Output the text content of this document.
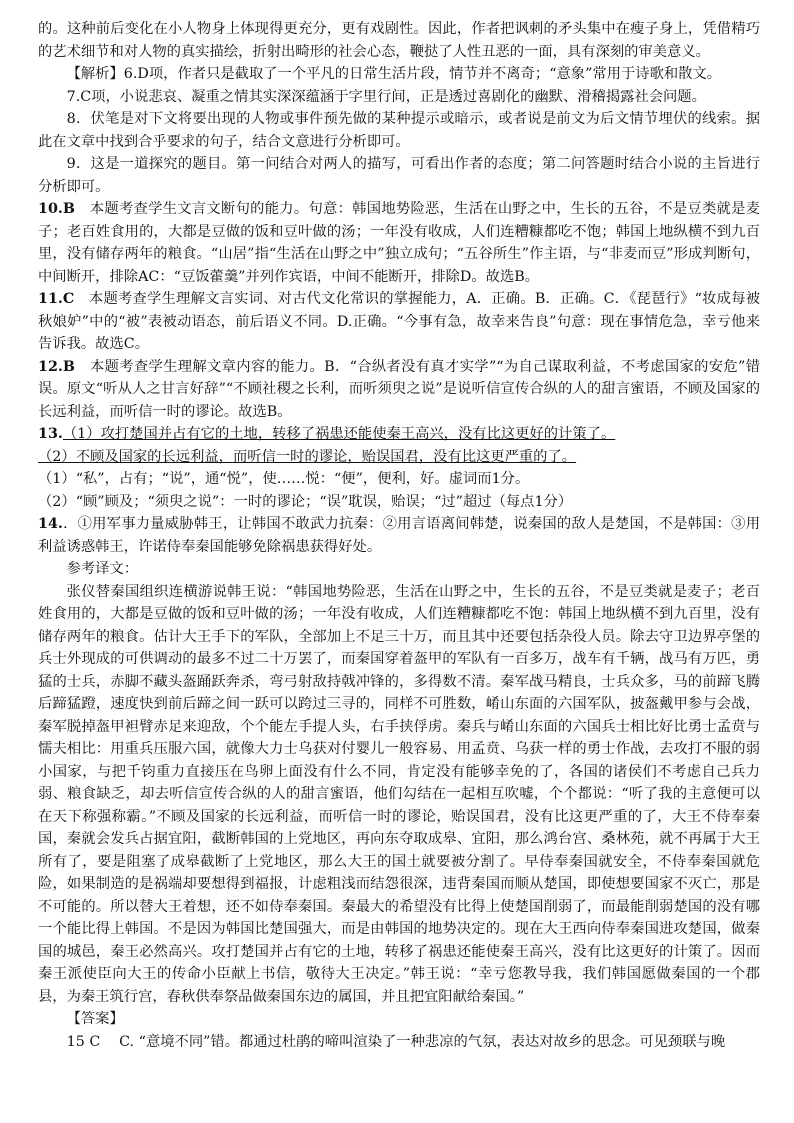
的。这种前后变化在小人物身上体现得更充分，更有戏剧性。因此，作者把讽刺的矛头集中在瘦子身上，凭借精巧的艺术细节和对人物的真实描绘，折射出畸形的社会心态，鞭挞了人性丑恶的一面，具有深刻的审美意义。

【解析】6.D项，作者只是截取了一个平凡的日常生活片段，情节并不离奇；“意象”常用于诗歌和散文。

7.C项，小说悲哀、凝重之情其实深深蕴涵于字里行间，正是透过喜剧化的幽默、滑稽揭露社会问题。

8．伏笔是对下文将要出现的人物或事件预先做的某种提示或暗示，或者说是前文为后文情节埋伏的线索。据此在文章中找到合乎要求的句子，结合文意进行分析即可。

9．这是一道探究的题目。第一问结合对两人的描写，可看出作者的态度；第二问答题时结合小说的主旨进行分析即可。

10.B　 本题考查学生文言文断句的能力。句意：韩国地势险恶，生活在山野之中，生长的五谷，不是豆类就是麦子；老百姓食用的，大都是豆做的饭和豆叶做的汤；一年没有收成，人们连糟糠都吃不饱；韩国上地纵横不到九百里，没有储存两年的粮食。“山居”指“生活在山野之中”独立成句；“五谷所生”作主语，与“非麦而豆”形成判断句，中间断开，排除AC：“豆饭藿羹”并列作宾语，中间不能断开，排除D。故选B。

11.C　 本题考查学生理解文言实词、对古代文化常识的掌握能力，A．正确。B．正确。C．《琵琶行》“妆成每被秋娘妒”中的“被”表被动语态，前后语义不同。D.正确。“今事有急，故幸来告良”句意：现在事情危急，幸亏他来告诉我。故选C。

12.B　 本题考查学生理解文章内容的能力。B．“合纵者没有真才实学”“为自己谋取利益，不考虑国家的安危”错误。原文“听从人之甘言好辞”“不顾社稷之长利，而听须臾之说”是说听信宣传合纵的人的甜言蜜语，不顾及国家的长远利益，而听信一时的谬论。故选B。

13.（1）攻打楚国并占有它的土地，转移了祸患还能使秦王高兴，没有比这更好的计策了。

（2）不顾及国家的长远利益，而听信一时的谬论，贻误国君，没有比这更严重的了。

（1）“私”，占有；“说”，通“悦”，使……悦：“便”，便利，好。虚词而1分。

（2）“顾”顾及；“须臾之说”：一时的谬论；“误”耽误，贻误；“过”超过（每点1分）

14.．①用军事力量威胁韩王，让韩国不敢武力抗秦：②用言语离间韩楚，说秦国的敌人是楚国，不是韩国：③用利益诱惑韩王，许诺侍奉秦国能够免除祸患获得好处。

参考译文：

张仪替秦国组织连横游说韩王说：“韩国地势险恶，生活在山野之中，生长的五谷，不是豆类就是麦子；老百姓食用的，大都是豆做的饭和豆叶做的汤；一年没有收成，人们连糟糠都吃不饱：韩国上地纵横不到九百里，没有储存两年的粮食。估计大王手下的军队，全部加上不足三十万，而且其中还要包括杂役人员。除去守卫边界亭堡的兵士外现成的可供调动的最多不过二十万罢了，而秦国穿着盔甲的军队有一百多万，战车有千辆，战马有万匹，勇猛的士兵，赤脚不藏头盔踊跃奔杀，弯弓射敌持戟冲锋的，多得数不清。秦军战马精良，士兵众多，马的前蹄飞腾后蹄猛蹬，速度快到前后蹄之间一跃可以跨过三寻的，同样不可胜数，崤山东面的六国军队，披盔戴甲参与会战，秦军脱掉盔甲袒臂赤足来迎敌，个个能左手提人头，右手挟俘虏。秦兵与崤山东面的六国兵士相比好比勇士孟贲与懦夫相比：用重兵压服六国，就像大力士乌获对付婴儿一般容易、用孟贲、乌获一样的勇士作战，去攻打不服的弱小国家，与把千钧重力直接压在鸟卵上面没有什么不同，肯定没有能够幸免的了，各国的诸侯们不考虑自己兵力弱、粮食缺乏，却去听信宣传合纵的人的甜言蜜语，他们勾结在一起相互吹嘘，个个都说：“听了我的主意便可以在天下称强称霸。”不顾及国家的长远利益，而听信一时的谬论，贻误国君，没有比这更严重的了，大王不侍奉秦国，秦就会发兵占据宜阳，截断韩国的上党地区，再向东夺取成皋、宜阳，那么鸿台宫、桑林苑，就不再属于大王所有了，要是阻塞了成皋截断了上党地区，那么大王的国土就要被分割了。早侍奉秦国就安全，不侍奉秦国就危险，如果制造的是祸端却要想得到福报，计虑粗浅而结怨很深，违背秦国而顺从楚国，即使想要国家不灭亡，那是不可能的。所以替大王着想，还不如侍奉秦国。秦最大的希望没有比得上使楚国削弱了，而最能削弱楚国的没有哪一个能比得上韩国。不是因为韩国比楚国强大，而是由韩国的地势决定的。现在大王西向侍奉秦国进攻楚国，做秦国的城邑，秦王必然高兴。攻打楚国并占有它的土地，转移了祸患还能使秦王高兴，没有比这更好的计策了。因而秦王派使臣向大王的传命小臣献上书信，敬待大王决定。”韩王说：“幸亏您教导我，我们韩国愿做秦国的一个郡县，为秦王筑行宫，春秋供奉祭品做秦国东边的属国，并且把宜阳献给秦国。”

【答案】

15 C　 C. “意境不同”错。都通过杜鹃的啼叫渲染了一种悲凉的气氛，表达对故乡的思念。可见颈联与晚
